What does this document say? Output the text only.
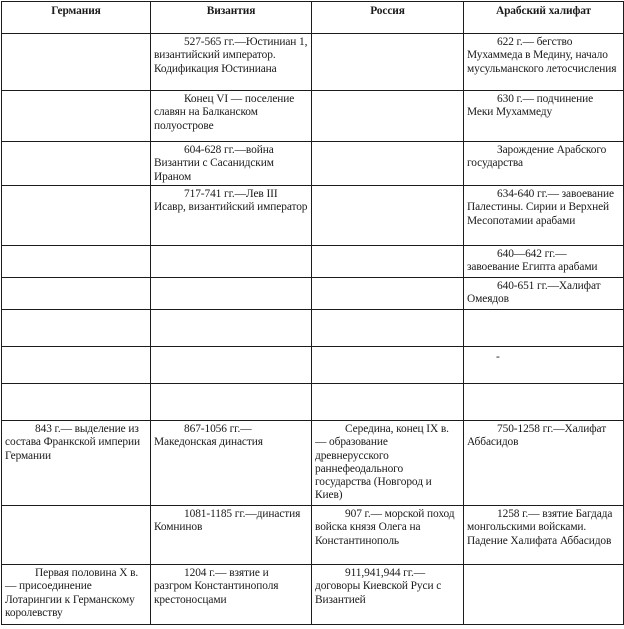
Германия	Византия	Россия	Арабский халифат

	527-565 гг.—Юстиниан 1, византийский император. Кодификация Юстиниана		622 г.— бегство Мухаммеда в Медину, начало мусульманского летосчисления

	Конец VI — поселение славян на Балканском полуострове		630 г.— подчинение Меки Мухаммеду

	604-628 гг.—война Византии с Сасанидским Ираном		Зарождение Арабского государства

	717-741 гг.—Лев III Исавр, византийский император		634-640 гг.— завоевание Палестины. Сирии и Верхней Месопотамии арабами

			640—642 гг.— завоевание Египта арабами

			640-651 гг.—Халифат Омеядов

			-

843 г.— выделение из состава Франкской империи Германии	867-1056 гг.— Македонская династия	Середина, конец IX в.— образование древнерусского раннефеодального государства (Новгород и Киев)	750-1258 гг.—Халифат Аббасидов

	1081-1185 гг.—династия Комнинов	907 г.— морской поход войска князя Олега на Константинополь	1258 г.— взятие Багдада монгольскими войсками. Падение Халифата Аббасидов

Первая половина X в.— присоединение Лотарингии к Германскому королевству	1204 г.— взятие и разгром Константинополя крестоносцами	911,941,944 гг.— договоры Киевской Руси с Византией	
